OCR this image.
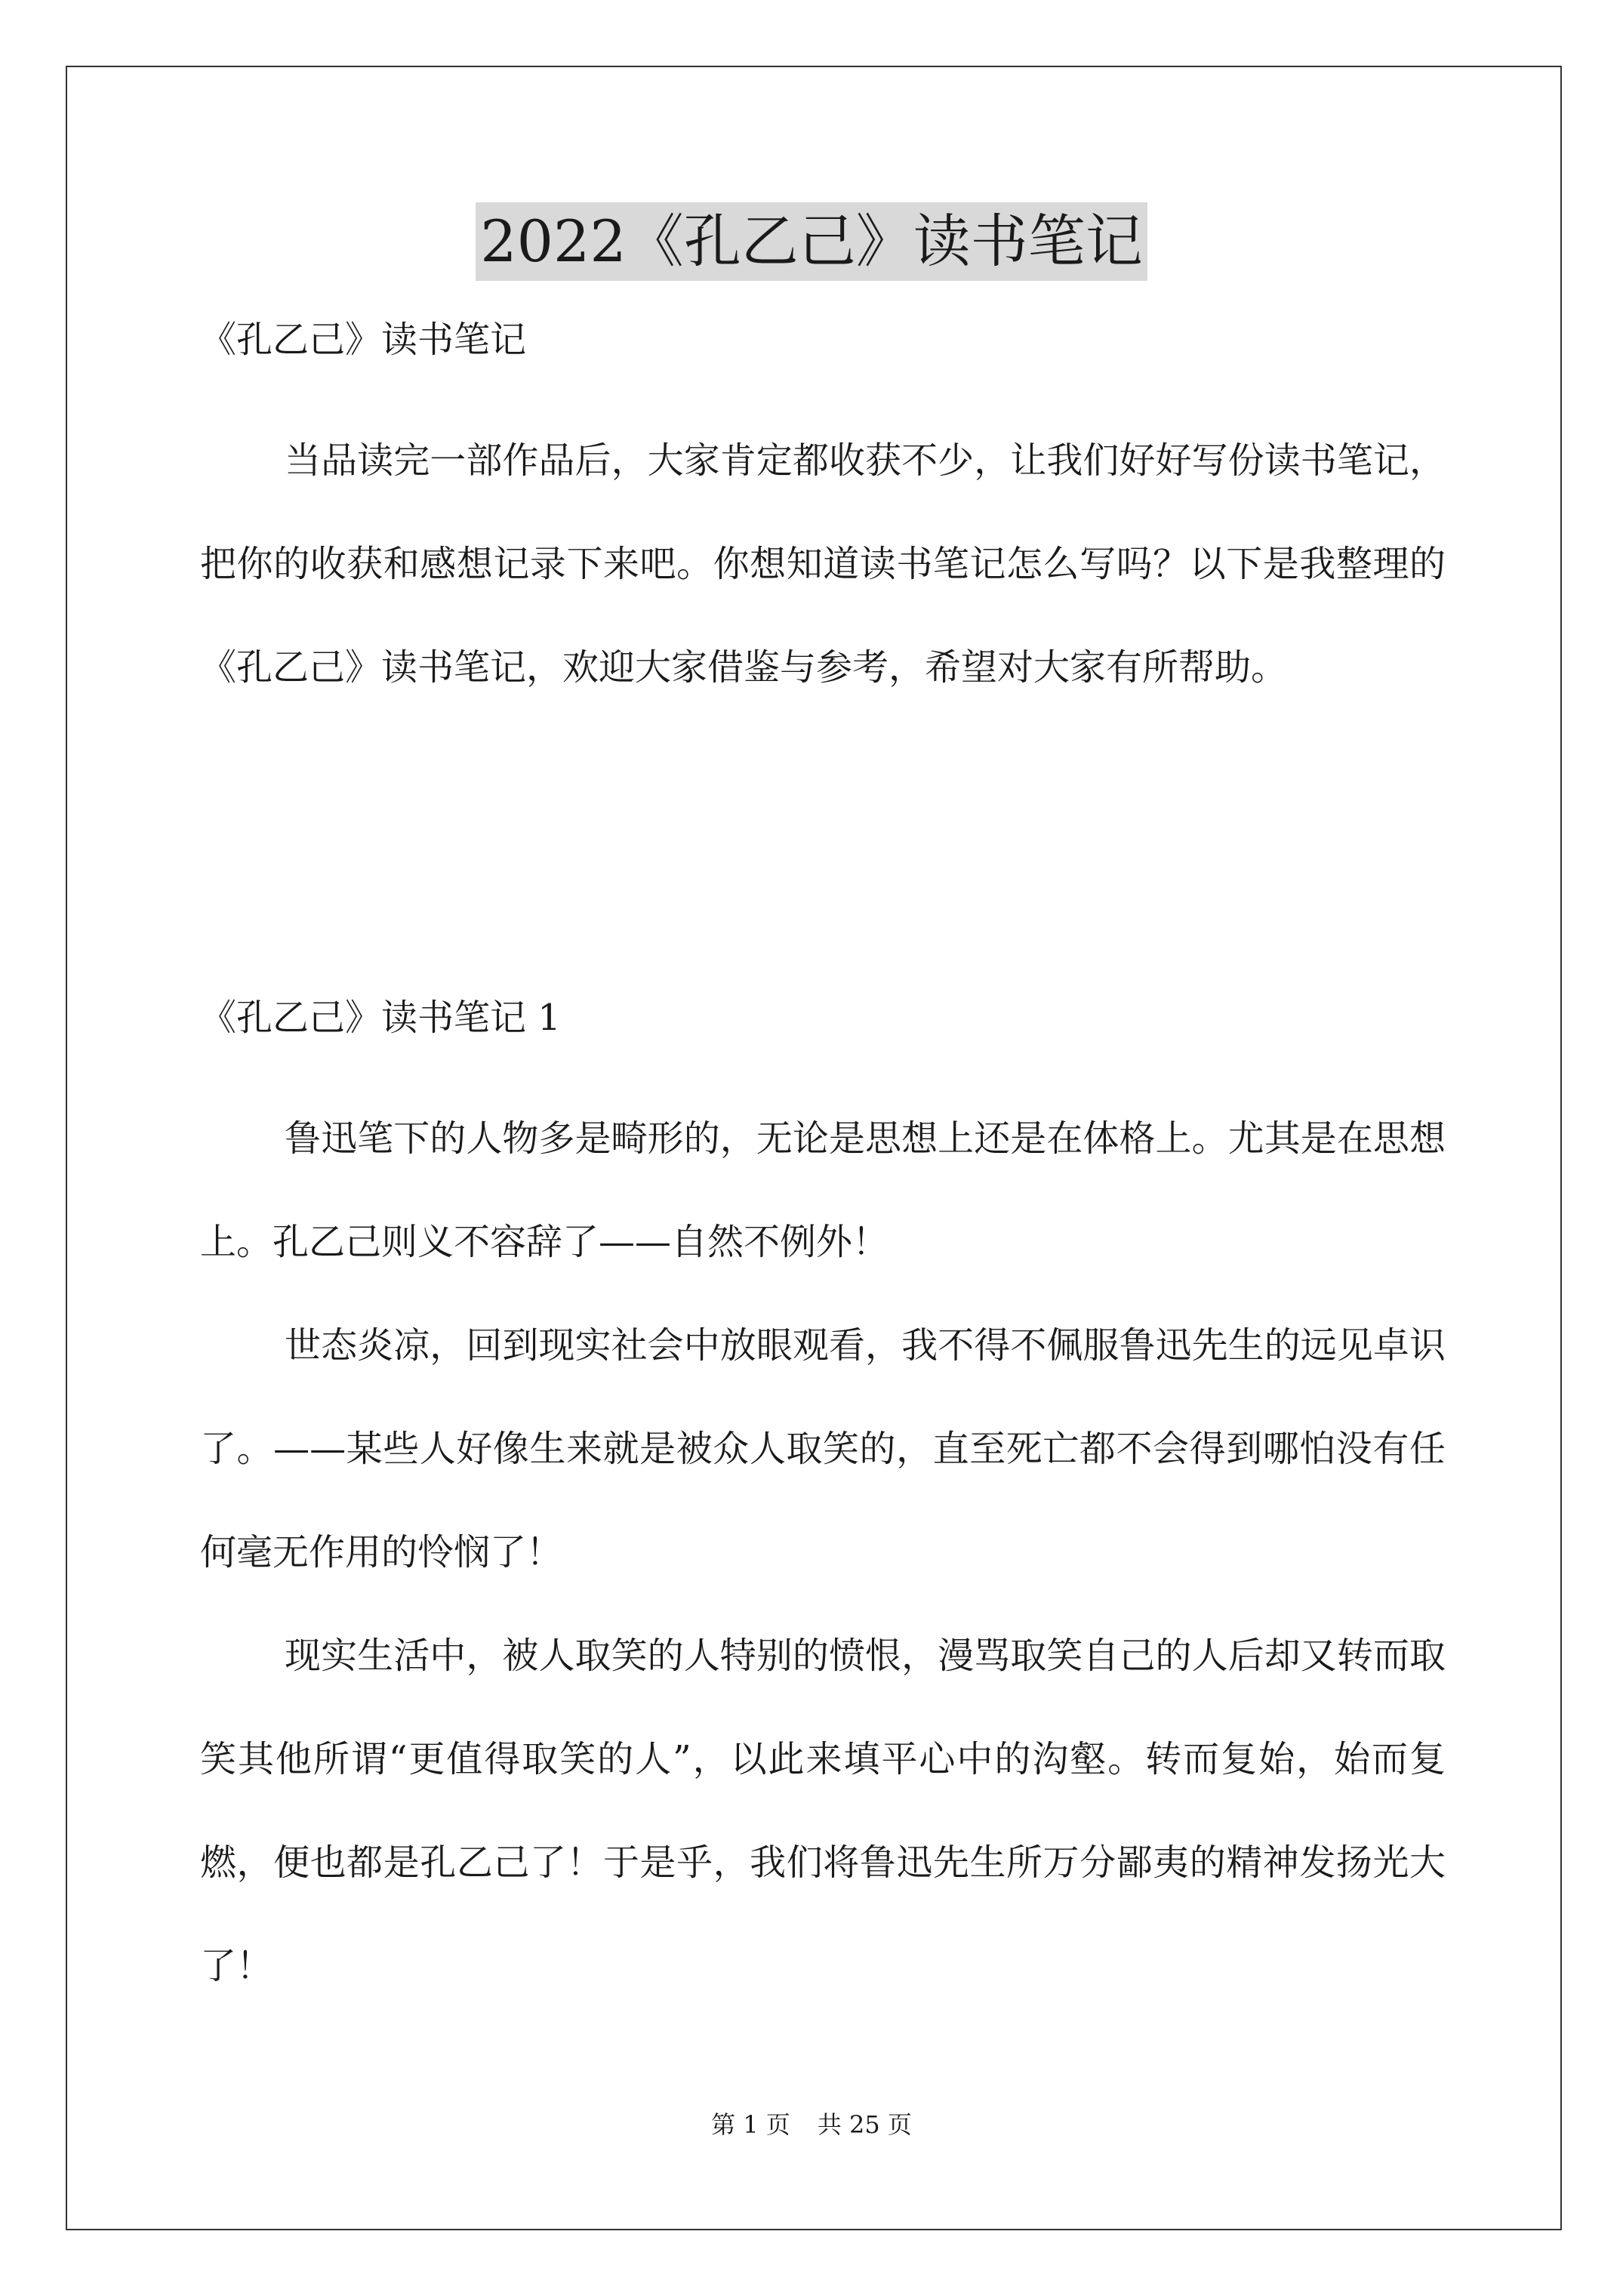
2022《孔乙己》读书笔记

《孔乙己》读书笔记

当品读完一部作品后，大家肯定都收获不少，让我们好好写份读书笔记，把你的收获和感想记录下来吧。你想知道读书笔记怎么写吗？以下是我整理的《孔乙己》读书笔记，欢迎大家借鉴与参考，希望对大家有所帮助。

《孔乙己》读书笔记 1

鲁迅笔下的人物多是畸形的，无论是思想上还是在体格上。尤其是在思想上。孔乙己则义不容辞了——自然不例外！

世态炎凉，回到现实社会中放眼观看，我不得不佩服鲁迅先生的远见卓识了。——某些人好像生来就是被众人取笑的，直至死亡都不会得到哪怕没有任何毫无作用的怜悯了！

现实生活中，被人取笑的人特别的愤恨，漫骂取笑自己的人后却又转而取笑其他所谓“更值得取笑的人”，以此来填平心中的沟壑。转而复始，始而复燃，便也都是孔乙己了！于是乎，我们将鲁迅先生所万分鄙夷的精神发扬光大了！

第 1 页 共 25 页
